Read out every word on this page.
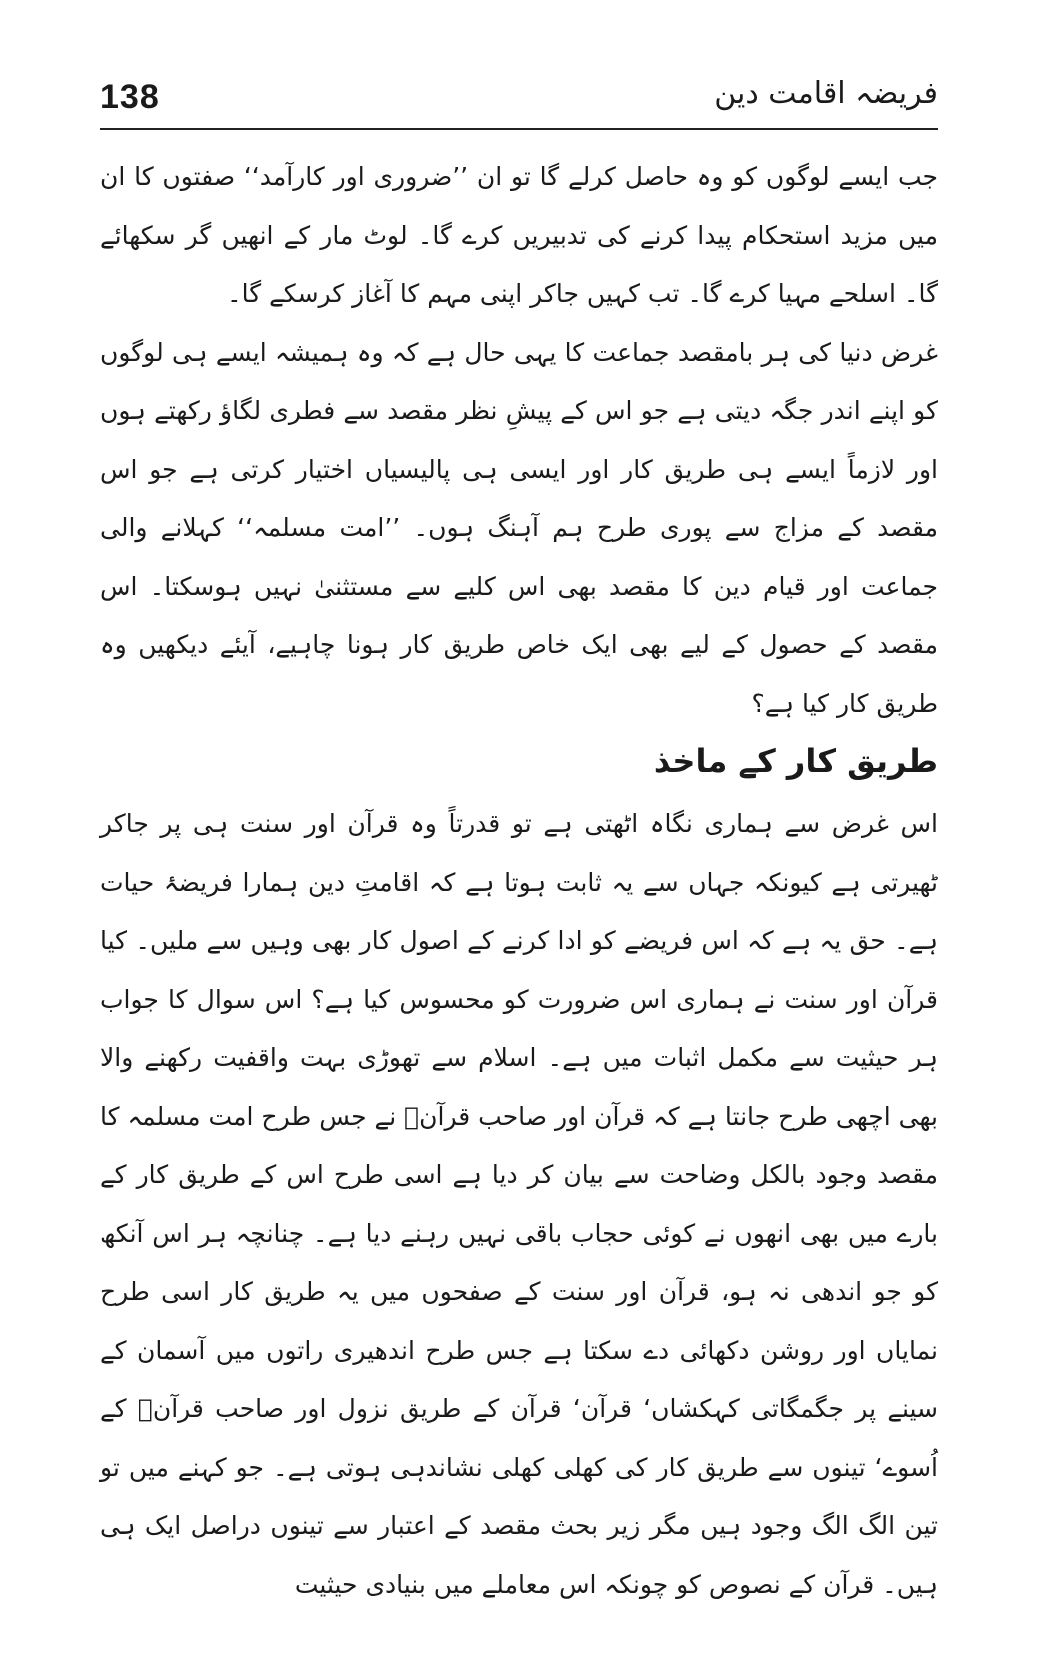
138	فریضہ اقامت دین

جب ایسے لوگوں کو وہ حاصل کرلے گا تو ان ’’ضروری اور کارآمد‘‘ صفتوں کا ان میں مزید استحکام پیدا کرنے کی تدبیریں کرے گا۔ لوٹ مار کے انھیں گر سکھائے گا۔ اسلحے مہیا کرے گا۔ تب کہیں جاکر اپنی مہم کا آغاز کرسکے گا۔

غرض دنیا کی ہر بامقصد جماعت کا یہی حال ہے کہ وہ ہمیشہ ایسے ہی لوگوں کو اپنے اندر جگہ دیتی ہے جو اس کے پیشِ نظر مقصد سے فطری لگاؤ رکھتے ہوں اور لازماً ایسے ہی طریق کار اور ایسی ہی پالیسیاں اختیار کرتی ہے جو اس مقصد کے مزاج سے پوری طرح ہم آہنگ ہوں۔ ’’امت مسلمہ‘‘ کہلانے والی جماعت اور قیام دین کا مقصد بھی اس کلیے سے مستثنیٰ نہیں ہوسکتا۔ اس مقصد کے حصول کے لیے بھی ایک خاص طریق کار ہونا چاہیے، آیئے دیکھیں وہ طریق کار کیا ہے؟

طریق کار کے ماخذ

اس غرض سے ہماری نگاہ اٹھتی ہے تو قدرتاً وہ قرآن اور سنت ہی پر جاکر ٹھیرتی ہے کیونکہ جہاں سے یہ ثابت ہوتا ہے کہ اقامتِ دین ہمارا فریضۂ حیات ہے۔ حق یہ ہے کہ اس فریضے کو ادا کرنے کے اصول کار بھی وہیں سے ملیں۔ کیا قرآن اور سنت نے ہماری اس ضرورت کو محسوس کیا ہے؟ اس سوال کا جواب ہر حیثیت سے مکمل اثبات میں ہے۔ اسلام سے تھوڑی بہت واقفیت رکھنے والا بھی اچھی طرح جانتا ہے کہ قرآن اور صاحب قرآنؐ نے جس طرح امت مسلمہ کا مقصد وجود بالکل وضاحت سے بیان کر دیا ہے اسی طرح اس کے طریق کار کے بارے میں بھی انھوں نے کوئی حجاب باقی نہیں رہنے دیا ہے۔ چنانچہ ہر اس آنکھ کو جو اندھی نہ ہو، قرآن اور سنت کے صفحوں میں یہ طریق کار اسی طرح نمایاں اور روشن دکھائی دے سکتا ہے جس طرح اندھیری راتوں میں آسمان کے سینے پر جگمگاتی کہکشاں‘ قرآن‘ قرآن کے طریق نزول اور صاحب قرآنؐ کے اُسوے‘ تینوں سے طریق کار کی کھلی کھلی نشاندہی ہوتی ہے۔ جو کہنے میں تو تین الگ الگ وجود ہیں مگر زیر بحث مقصد کے اعتبار سے تینوں دراصل ایک ہی ہیں۔ قرآن کے نصوص کو چونکہ اس معاملے میں بنیادی حیثیت
